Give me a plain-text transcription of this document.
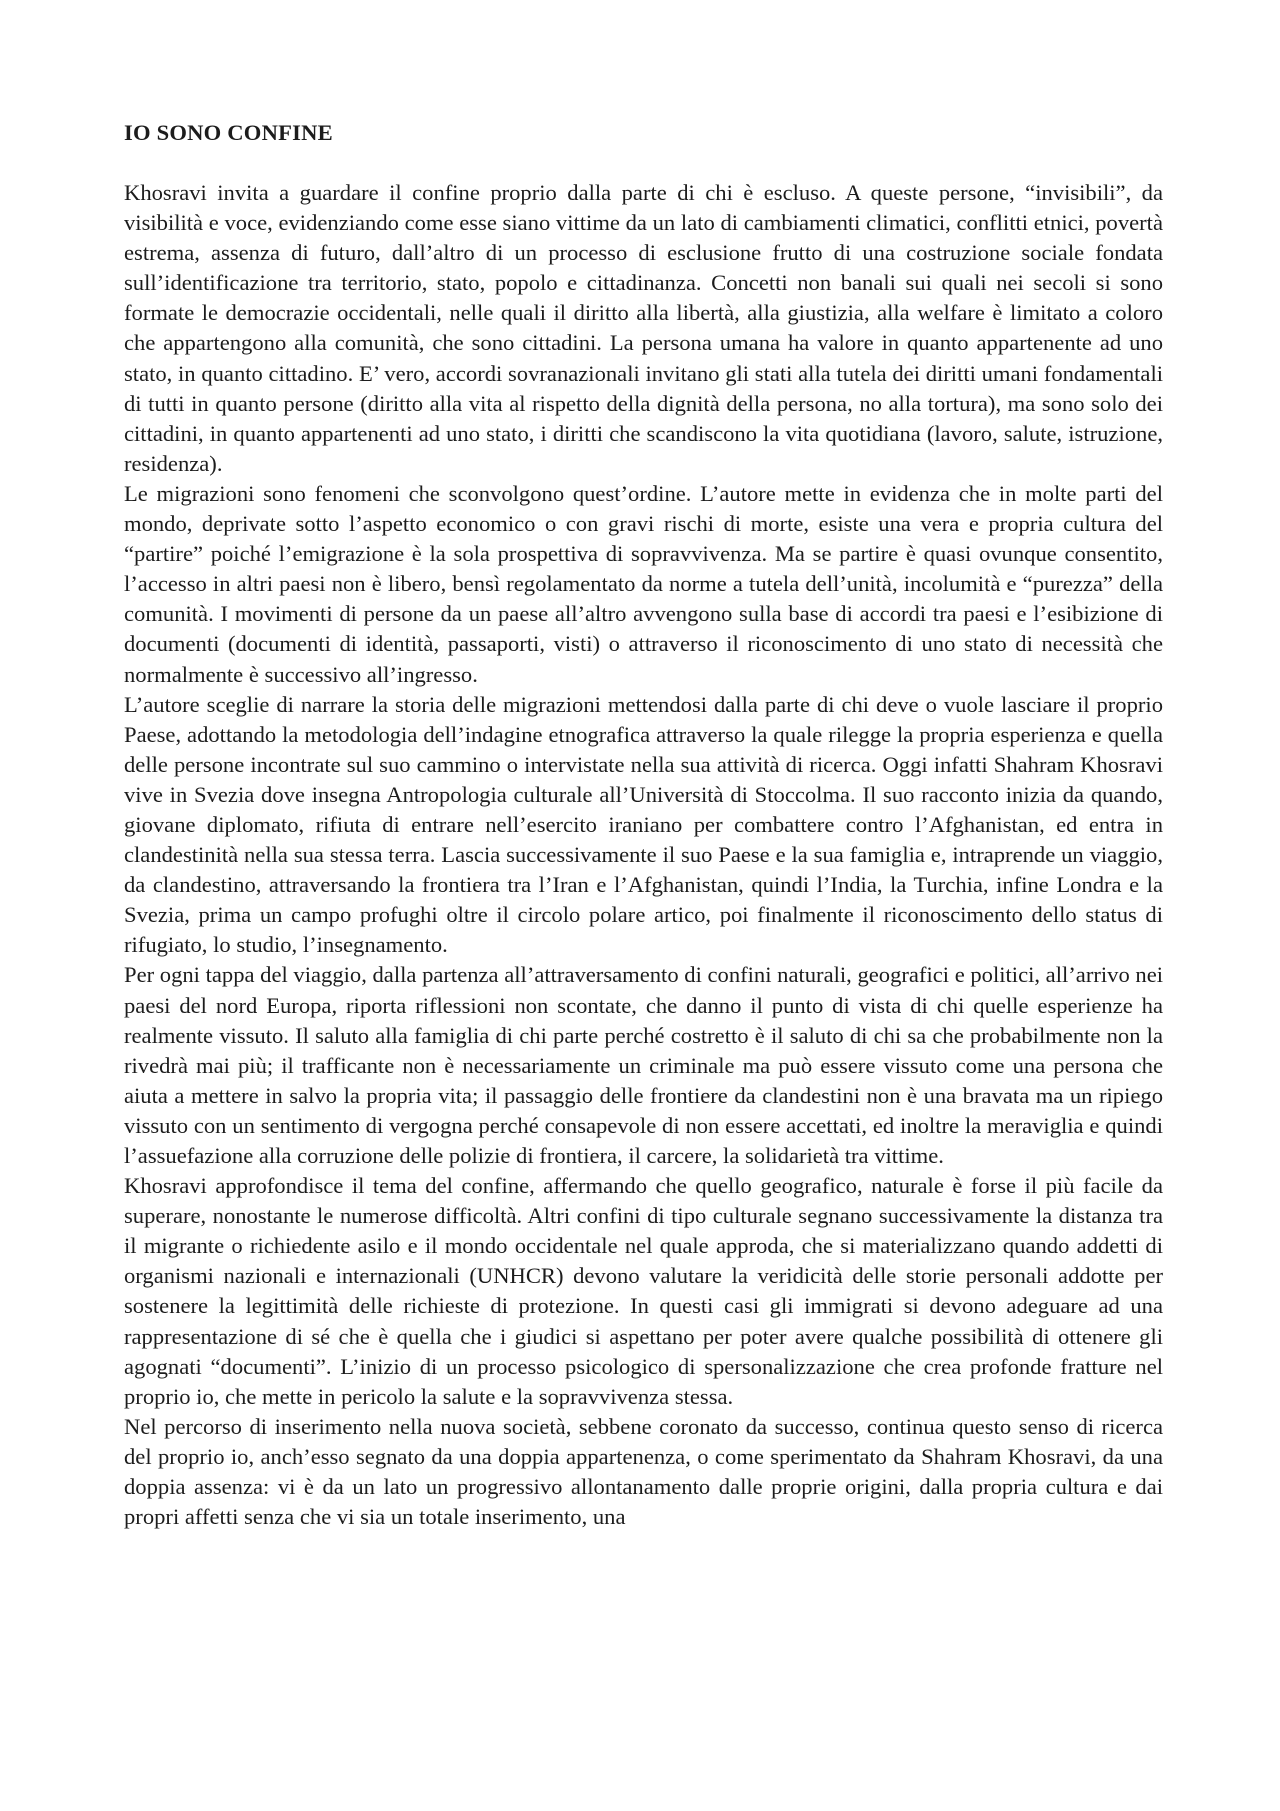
IO SONO CONFINE

Khosravi invita a guardare il confine proprio dalla parte di chi è escluso. A queste persone, “invisibili”, da visibilità e voce, evidenziando come esse siano vittime da un lato di cambiamenti climatici, conflitti etnici, povertà estrema, assenza di futuro, dall’altro di un processo di esclusione frutto di una costruzione sociale fondata sull’identificazione tra territorio, stato, popolo e cittadinanza. Concetti non banali sui quali nei secoli si sono formate le democrazie occidentali, nelle quali il diritto alla libertà, alla giustizia, alla welfare è limitato a coloro che appartengono alla comunità, che sono cittadini. La persona umana ha valore in quanto appartenente ad uno stato, in quanto cittadino. E’ vero, accordi sovranazionali invitano gli stati alla tutela dei diritti umani fondamentali di tutti in quanto persone (diritto alla vita al rispetto della dignità della persona, no alla tortura), ma sono solo dei cittadini, in quanto appartenenti ad uno stato, i diritti che scandiscono la vita quotidiana (lavoro, salute, istruzione, residenza).

Le migrazioni sono fenomeni che sconvolgono quest’ordine. L’autore mette in evidenza che in molte parti del mondo, deprivate sotto l’aspetto economico o con gravi rischi di morte, esiste una vera e propria cultura del “partire” poiché l’emigrazione è la sola prospettiva di sopravvivenza. Ma se partire è quasi ovunque consentito, l’accesso in altri paesi non è libero, bensì regolamentato da norme a tutela dell’unità, incolumità e “purezza” della comunità. I movimenti di persone da un paese all’altro avvengono sulla base di accordi tra paesi e l’esibizione di documenti (documenti di identità, passaporti, visti) o attraverso il riconoscimento di uno stato di necessità che normalmente è successivo all’ingresso.

L’autore sceglie di narrare la storia delle migrazioni mettendosi dalla parte di chi deve o vuole lasciare il proprio Paese, adottando la metodologia dell’indagine etnografica attraverso la quale rilegge la propria esperienza e quella delle persone incontrate sul suo cammino o intervistate nella sua attività di ricerca. Oggi infatti Shahram Khosravi vive in Svezia dove insegna Antropologia culturale all’Università di Stoccolma. Il suo racconto inizia da quando, giovane diplomato, rifiuta di entrare nell’esercito iraniano per combattere contro l’Afghanistan, ed entra in clandestinità nella sua stessa terra. Lascia successivamente il suo Paese e la sua famiglia e, intraprende un viaggio, da clandestino, attraversando la frontiera tra l’Iran e l’Afghanistan, quindi l’India, la Turchia, infine Londra e la Svezia, prima un campo profughi oltre il circolo polare artico, poi finalmente il riconoscimento dello status di rifugiato, lo studio, l’insegnamento.

Per ogni tappa del viaggio, dalla partenza all’attraversamento di confini naturali, geografici e politici, all’arrivo nei paesi del nord Europa, riporta riflessioni non scontate, che danno il punto di vista di chi quelle esperienze ha realmente vissuto. Il saluto alla famiglia di chi parte perché costretto è il saluto di chi sa che probabilmente non la rivedrà mai più; il trafficante non è necessariamente un criminale ma può essere vissuto come una persona che aiuta a mettere in salvo la propria vita; il passaggio delle frontiere da clandestini non è una bravata ma un ripiego vissuto con un sentimento di vergogna perché consapevole di non essere accettati, ed inoltre la meraviglia e quindi l’assuefazione alla corruzione delle polizie di frontiera, il carcere, la solidarietà tra vittime.

Khosravi approfondisce il tema del confine, affermando che quello geografico, naturale è forse il più facile da superare, nonostante le numerose difficoltà. Altri confini di tipo culturale segnano successivamente la distanza tra il migrante o richiedente asilo e il mondo occidentale nel quale approda, che si materializzano quando addetti di organismi nazionali e internazionali (UNHCR) devono valutare la veridicità delle storie personali addotte per sostenere la legittimità delle richieste di protezione. In questi casi gli immigrati si devono adeguare ad una rappresentazione di sé che è quella che i giudici si aspettano per poter avere qualche possibilità di ottenere gli agognati “documenti”. L’inizio di un processo psicologico di spersonalizzazione che crea profonde fratture nel proprio io, che mette in pericolo la salute e la sopravvivenza stessa.

Nel percorso di inserimento nella nuova società, sebbene coronato da successo, continua questo senso di ricerca del proprio io, anch’esso segnato da una doppia appartenenza, o come sperimentato da Shahram Khosravi, da una doppia assenza: vi è da un lato un progressivo allontanamento dalle proprie origini, dalla propria cultura e dai propri affetti senza che vi sia un totale inserimento, una
